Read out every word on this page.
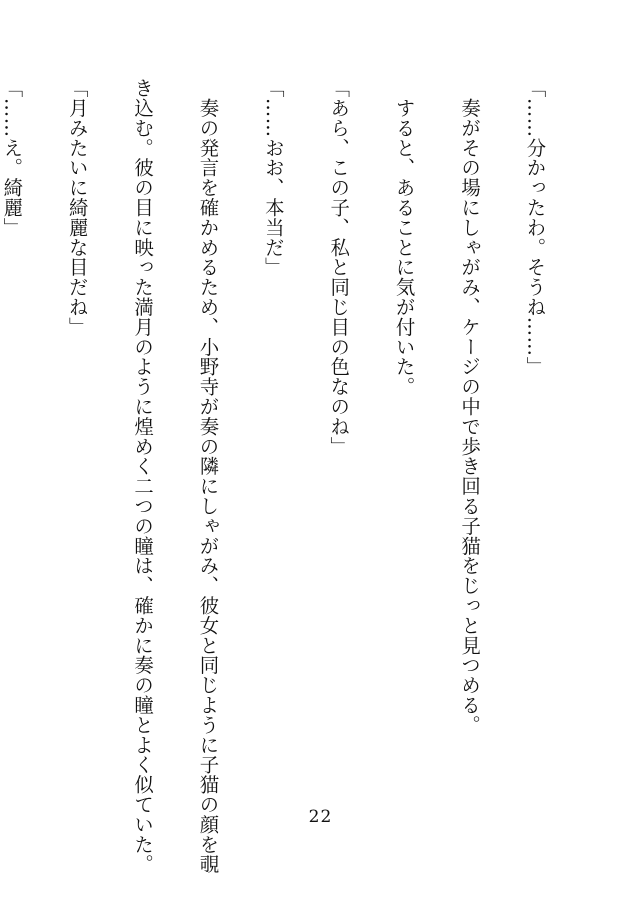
「……分かったわ。そうね……」

　奏がその場にしゃがみ、ケージの中で歩き回る子猫をじっと見つめる。

　すると、あることに気が付いた。

「あら、この子、私と同じ目の色なのね」

「……おお、本当だ」

　奏の発言を確かめるため、小野寺が奏の隣にしゃがみ、彼女と同じように子猫の顔を覗

き込む。彼の目に映った満月のように煌めく二つの瞳は、確かに奏の瞳とよく似ていた。

「月みたいに綺麗な目だね」

「……え。綺麗」

22
